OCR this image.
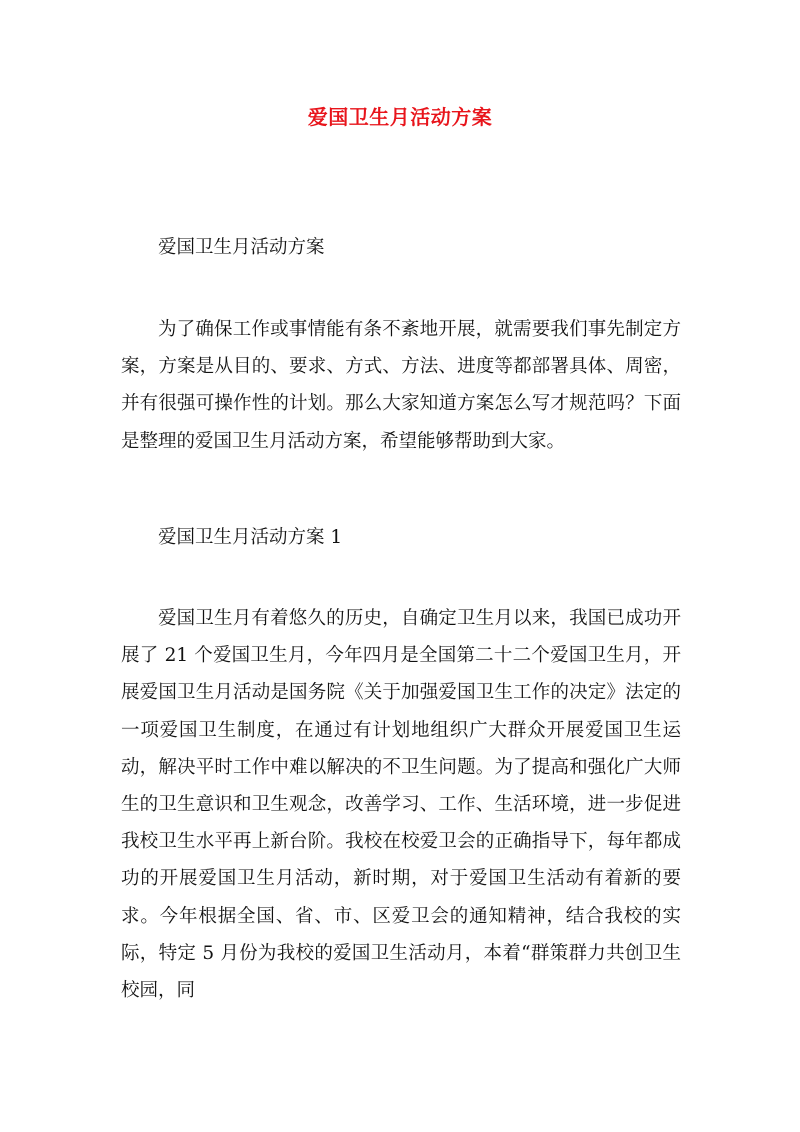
爱国卫生月活动方案

爱国卫生月活动方案

为了确保工作或事情能有条不紊地开展，就需要我们事先制定方案，方案是从目的、要求、方式、方法、进度等都部署具体、周密，并有很强可操作性的计划。那么大家知道方案怎么写才规范吗？下面是整理的爱国卫生月活动方案，希望能够帮助到大家。

爱国卫生月活动方案 1

爱国卫生月有着悠久的历史，自确定卫生月以来，我国已成功开展了 21 个爱国卫生月，今年四月是全国第二十二个爱国卫生月，开展爱国卫生月活动是国务院《关于加强爱国卫生工作的决定》法定的一项爱国卫生制度，在通过有计划地组织广大群众开展爱国卫生运动，解决平时工作中难以解决的不卫生问题。为了提高和强化广大师生的卫生意识和卫生观念，改善学习、工作、生活环境，进一步促进我校卫生水平再上新台阶。我校在校爱卫会的正确指导下，每年都成功的开展爱国卫生月活动，新时期，对于爱国卫生活动有着新的要求。今年根据全国、省、市、区爱卫会的通知精神，结合我校的实际，特定 5 月份为我校的爱国卫生活动月，本着“群策群力共创卫生校园，同
